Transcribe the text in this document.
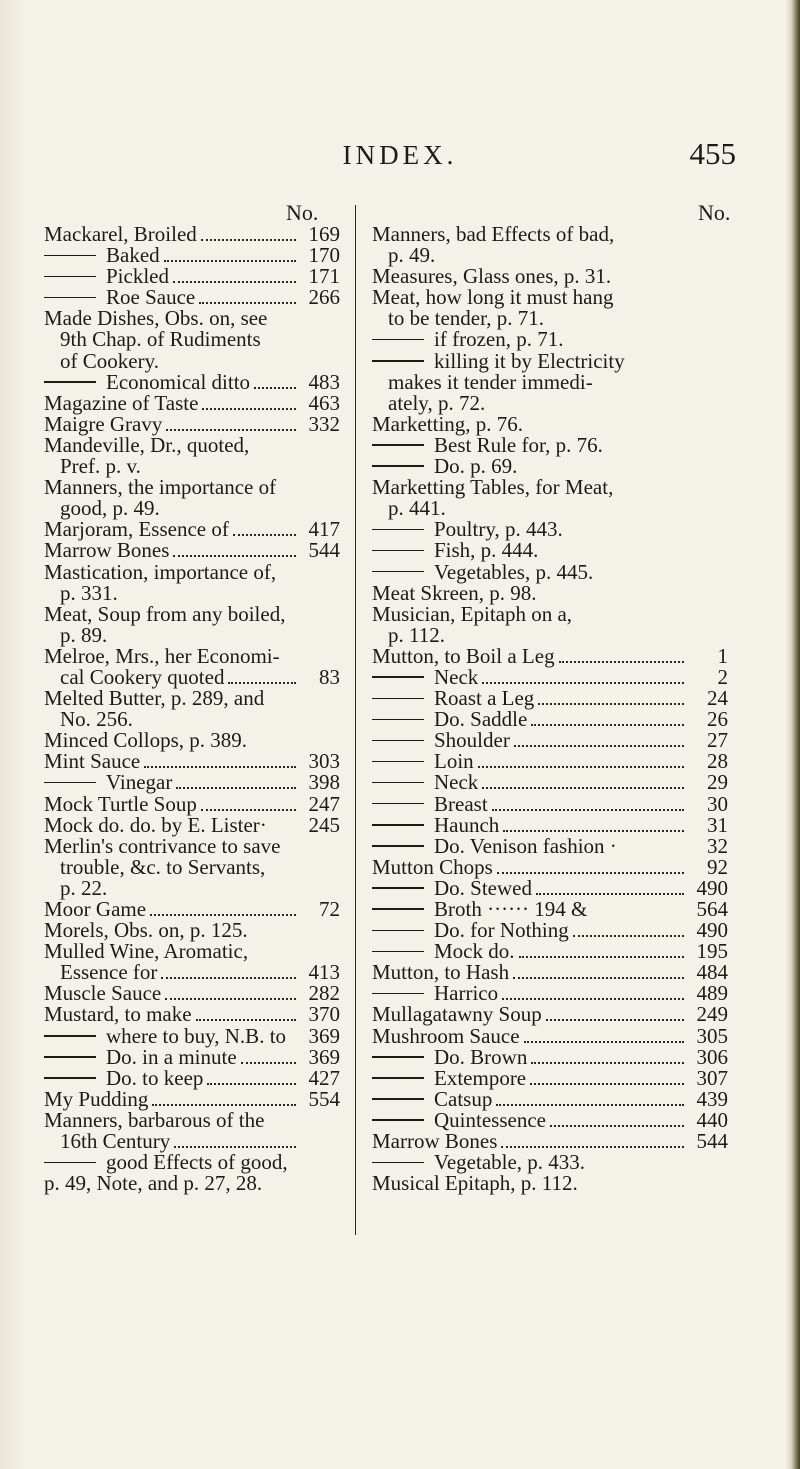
INDEX.	455
No.	No.
Mackarel, Broiled	169
Baked	170
Pickled	171
Roe Sauce	266
Made Dishes, Obs. on, see
9th Chap. of Rudiments
of Cookery.
Economical ditto	483
Magazine of Taste	463
Maigre Gravy	332
Mandeville, Dr., quoted,
Pref. p. v.
Manners, the importance of
good, p. 49.
Marjoram, Essence of	417
Marrow Bones	544
Mastication, importance of,
p. 331.
Meat, Soup from any boiled,
p. 89.
Melroe, Mrs., her Economi-
cal Cookery quoted	83
Melted Butter, p. 289, and
No. 256.
Minced Collops, p. 389.
Mint Sauce	303
Vinegar	398
Mock Turtle Soup	247
Mock do. do. by E. Lister·	245
Merlin's contrivance to save
trouble, &c. to Servants,
p. 22.
Moor Game	72
Morels, Obs. on, p. 125.
Mulled Wine, Aromatic,
Essence for	413
Muscle Sauce	282
Mustard, to make	370
where to buy, N.B. to	369
Do. in a minute	369
Do. to keep	427
My Pudding	554
Manners, barbarous of the
16th Century
good Effects of good,
p. 49, Note, and p. 27, 28.
Manners, bad Effects of bad,
p. 49.
Measures, Glass ones, p. 31.
Meat, how long it must hang
to be tender, p. 71.
if frozen, p. 71.
killing it by Electricity
makes it tender immedi-
ately, p. 72.
Marketting, p. 76.
Best Rule for, p. 76.
Do. p. 69.
Marketting Tables, for Meat,
p. 441.
Poultry, p. 443.
Fish, p. 444.
Vegetables, p. 445.
Meat Skreen, p. 98.
Musician, Epitaph on a,
p. 112.
Mutton, to Boil a Leg	1
Neck	2
Roast a Leg	24
Do. Saddle	26
Shoulder	27
Loin	28
Neck	29
Breast	30
Haunch	31
Do. Venison fashion ·	32
Mutton Chops	92
Do. Stewed	490
Broth ······ 194 &	564
Do. for Nothing	490
Mock do.	195
Mutton, to Hash	484
Harrico	489
Mullagatawny Soup	249
Mushroom Sauce	305
Do. Brown	306
Extempore	307
Catsup	439
Quintessence	440
Marrow Bones	544
Vegetable, p. 433.
Musical Epitaph, p. 112.
